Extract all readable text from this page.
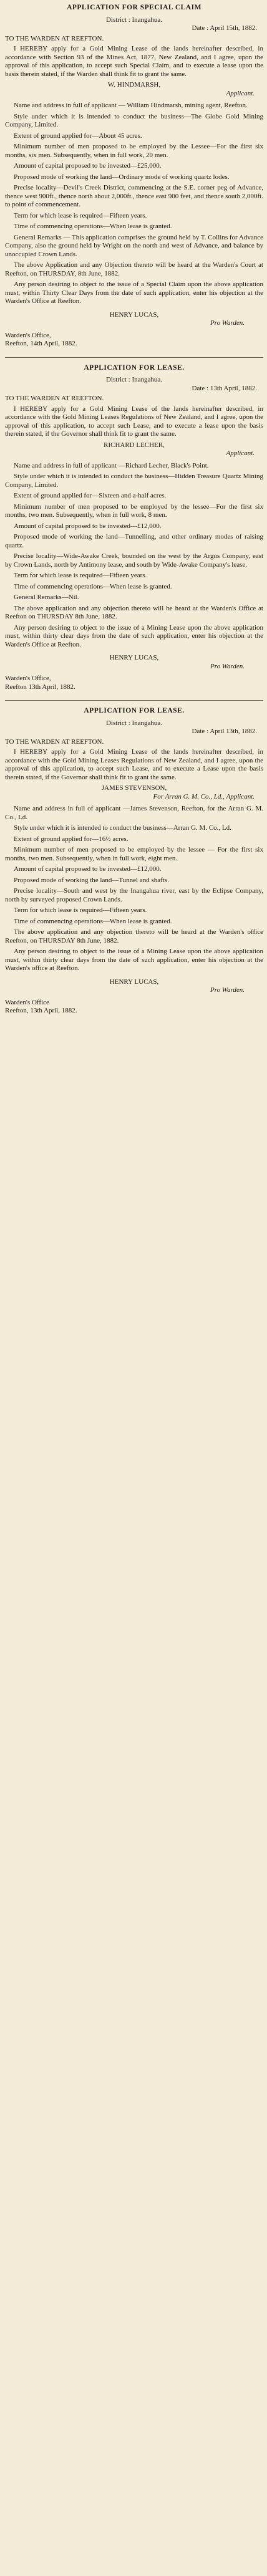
APPLICATION FOR SPECIAL CLAIM
District : Inangahua.
Date : April 15th, 1882.
TO THE WARDEN AT REEFTON.

I HEREBY apply for a Gold Mining Lease of the lands hereinafter described, in accordance with Section 93 of the Mines Act, 1877, New Zealand, and I agree, upon the approval of this application, to accept such Special Claim, and to execute a lease upon the basis therein stated, if the Warden shall think fit to grant the same.

W. HINDMARSH,
Applicant.

Name and address in full of applicant — William Hindmarsh, mining agent, Reefton.

Style under which it is intended to conduct the business—The Globe Gold Mining Company, Limited.

Extent of ground applied for—About 45 acres.

Minimum number of men proposed to be employed by the Lessee—For the first six months, six men. Subsequently, when in full work, 20 men.

Amount of capital proposed to be invested—£25,000.

Proposed mode of working the land—Ordinary mode of working quartz lodes.

Precise locality—Devil's Creek District, commencing at the S.E. corner peg of Advance, thence west 900ft., thence north about 2,000ft., thence east 900 feet, and thence south 2,000ft. to point of commencement.

Term for which lease is required—Fifteen years.

Time of commencing operations—When lease is granted.

General Remarks — This application comprises the ground held by T. Collins for Advance Company, also the ground held by Wright on the north and west of Advance, and balance by unoccupied Crown Lands.

The above Application and any Objection thereto will be heard at the Warden's Court at Reefton, on THURSDAY, 8th June, 1882.

Any person desiring to object to the issue of a Special Claim upon the above application must, within Thirty Clear Days from the date of such application, enter his objection at the Warden's Office at Reefton.

HENRY LUCAS,
Pro Warden.
Warden's Office,
Reefton, 14th April, 1882.
APPLICATION FOR LEASE.
District : Inangahua.
Date : 13th April, 1882.
TO THE WARDEN AT REEFTON.

I HEREBY apply for a Gold Mining Lease of the lands hereinafter described, in accordance with the Gold Mining Leases Regulations of New Zealand, and I agree, upon the approval of this application, to accept such Lease, and to execute a lease upon the basis therein stated, if the Governor shall think fit to grant the same.

RICHARD LECHER,
Applicant.

Name and address in full of applicant —Richard Lecher, Black's Point.

Style under which it is intended to conduct the business—Hidden Treasure Quartz Mining Company, Limited.

Extent of ground applied for—Sixteen and a-half acres.

Minimum number of men proposed to be employed by the lessee—For the first six months, two men. Subsequently, when in full work, 8 men.

Amount of capital proposed to be invested—£12,000.

Proposed mode of working the land—Tunnelling, and other ordinary modes of raising quartz.

Precise locality—Wide-Awake Creek, bounded on the west by the Argus Company, east by Crown Lands, north by Antimony lease, and south by Wide-Awake Company's lease.

Term for which lease is required—Fifteen years.

Time of commencing operations—When lease is granted.

General Remarks—Nil.

The above application and any objection thereto will be heard at the Warden's Office at Reefton on THURSDAY 8th June, 1882.

Any person desiring to object to the issue of a Mining Lease upon the above application must, within thirty clear days from the date of such application, enter his objection at the Warden's Office at Reefton.

HENRY LUCAS,
Pro Warden.
Warden's Office,
Reefton 13th April, 1882.
APPLICATION FOR LEASE.
District : Inangahua.
Date : April 13th, 1882.
TO THE WARDEN AT REEFTON.

I HEREBY apply for a Gold Mining Lease of the lands hereinafter described, in accordance with the Gold Mining Leases Regulations of New Zealand, and I agree, upon the approval of this application, to accept such Lease, and to execute a Lease upon the basis therein stated, if the Governor shall think fit to grant the same.

JAMES STEVENSON,
For Arran G. M. Co., Ld., Applicant.

Name and address in full of applicant —James Stevenson, Reefton, for the Arran G. M. Co., Ld.

Style under which it is intended to conduct the business—Arran G. M. Co., Ld.

Extent of ground applied for—16½ acres.

Minimum number of men proposed to be employed by the lessee — For the first six months, two men. Subsequently, when in full work, eight men.

Amount of capital proposed to be invested—£12,000.

Proposed mode of working the land—Tunnel and shafts.

Precise locality—South and west by the Inangahua river, east by the Eclipse Company, north by surveyed proposed Crown Lands.

Term for which lease is required—Fifteen years.

Time of commencing operations—When lease is granted.

The above application and any objection thereto will be heard at the Warden's office Reefton, on THURSDAY 8th June, 1882.

Any person desiring to object to the issue of a Mining Lease upon the above application must, within thirty clear days from the date of such application, enter his objection at the Warden's office at Reefton.

HENRY LUCAS,
Pro Warden.
Warden's Office
Reefton, 13th April, 1882.
